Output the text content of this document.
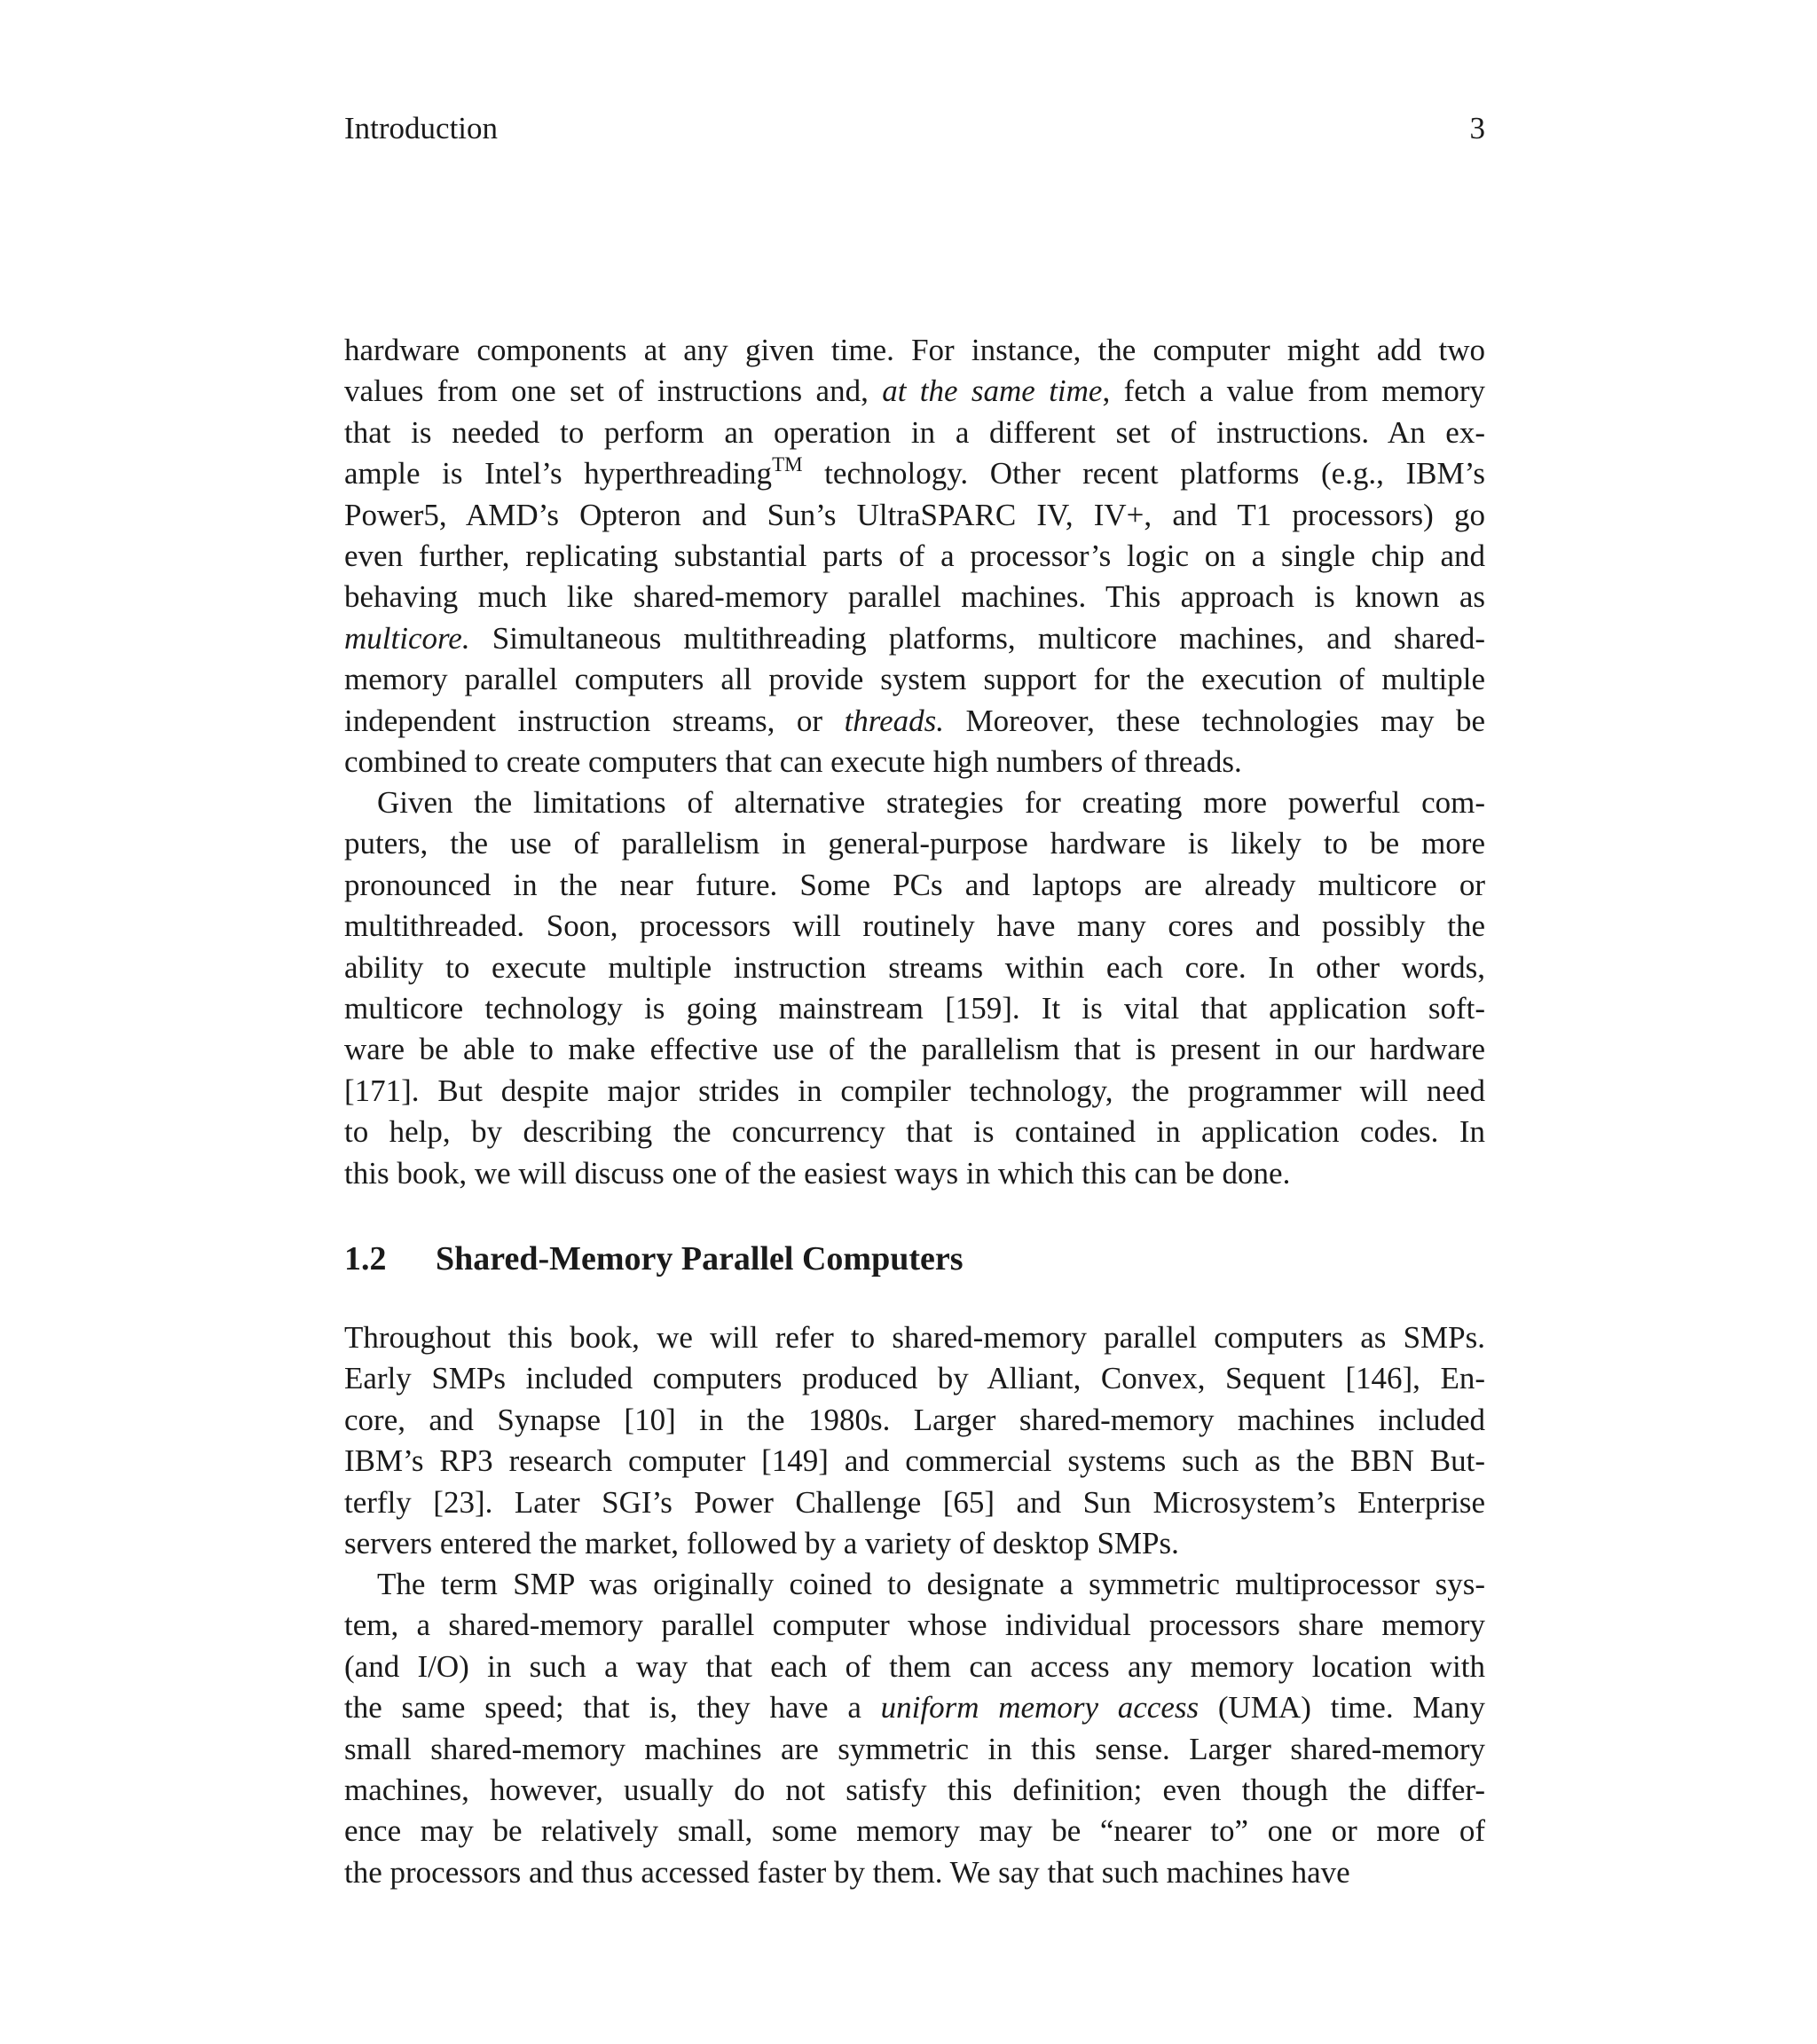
Introduction	3
hardware components at any given time. For instance, the computer might add two
values from one set of instructions and, at the same time, fetch a value from memory
that is needed to perform an operation in a different set of instructions. An ex-
ample is Intel’s hyperthreading™ technology. Other recent platforms (e.g., IBM’s
Power5, AMD’s Opteron and Sun’s UltraSPARC IV, IV+, and T1 processors) go
even further, replicating substantial parts of a processor’s logic on a single chip and
behaving much like shared-memory parallel machines. This approach is known as
multicore. Simultaneous multithreading platforms, multicore machines, and shared-
memory parallel computers all provide system support for the execution of multiple
independent instruction streams, or threads. Moreover, these technologies may be
combined to create computers that can execute high numbers of threads.
Given the limitations of alternative strategies for creating more powerful com-
puters, the use of parallelism in general-purpose hardware is likely to be more
pronounced in the near future. Some PCs and laptops are already multicore or
multithreaded. Soon, processors will routinely have many cores and possibly the
ability to execute multiple instruction streams within each core. In other words,
multicore technology is going mainstream [159]. It is vital that application soft-
ware be able to make effective use of the parallelism that is present in our hardware
[171]. But despite major strides in compiler technology, the programmer will need
to help, by describing the concurrency that is contained in application codes. In
this book, we will discuss one of the easiest ways in which this can be done.
1.2 Shared-Memory Parallel Computers
Throughout this book, we will refer to shared-memory parallel computers as SMPs.
Early SMPs included computers produced by Alliant, Convex, Sequent [146], En-
core, and Synapse [10] in the 1980s. Larger shared-memory machines included
IBM’s RP3 research computer [149] and commercial systems such as the BBN But-
terfly [23]. Later SGI’s Power Challenge [65] and Sun Microsystem’s Enterprise
servers entered the market, followed by a variety of desktop SMPs.
The term SMP was originally coined to designate a symmetric multiprocessor sys-
tem, a shared-memory parallel computer whose individual processors share memory
(and I/O) in such a way that each of them can access any memory location with
the same speed; that is, they have a uniform memory access (UMA) time. Many
small shared-memory machines are symmetric in this sense. Larger shared-memory
machines, however, usually do not satisfy this definition; even though the differ-
ence may be relatively small, some memory may be “nearer to” one or more of
the processors and thus accessed faster by them. We say that such machines have
